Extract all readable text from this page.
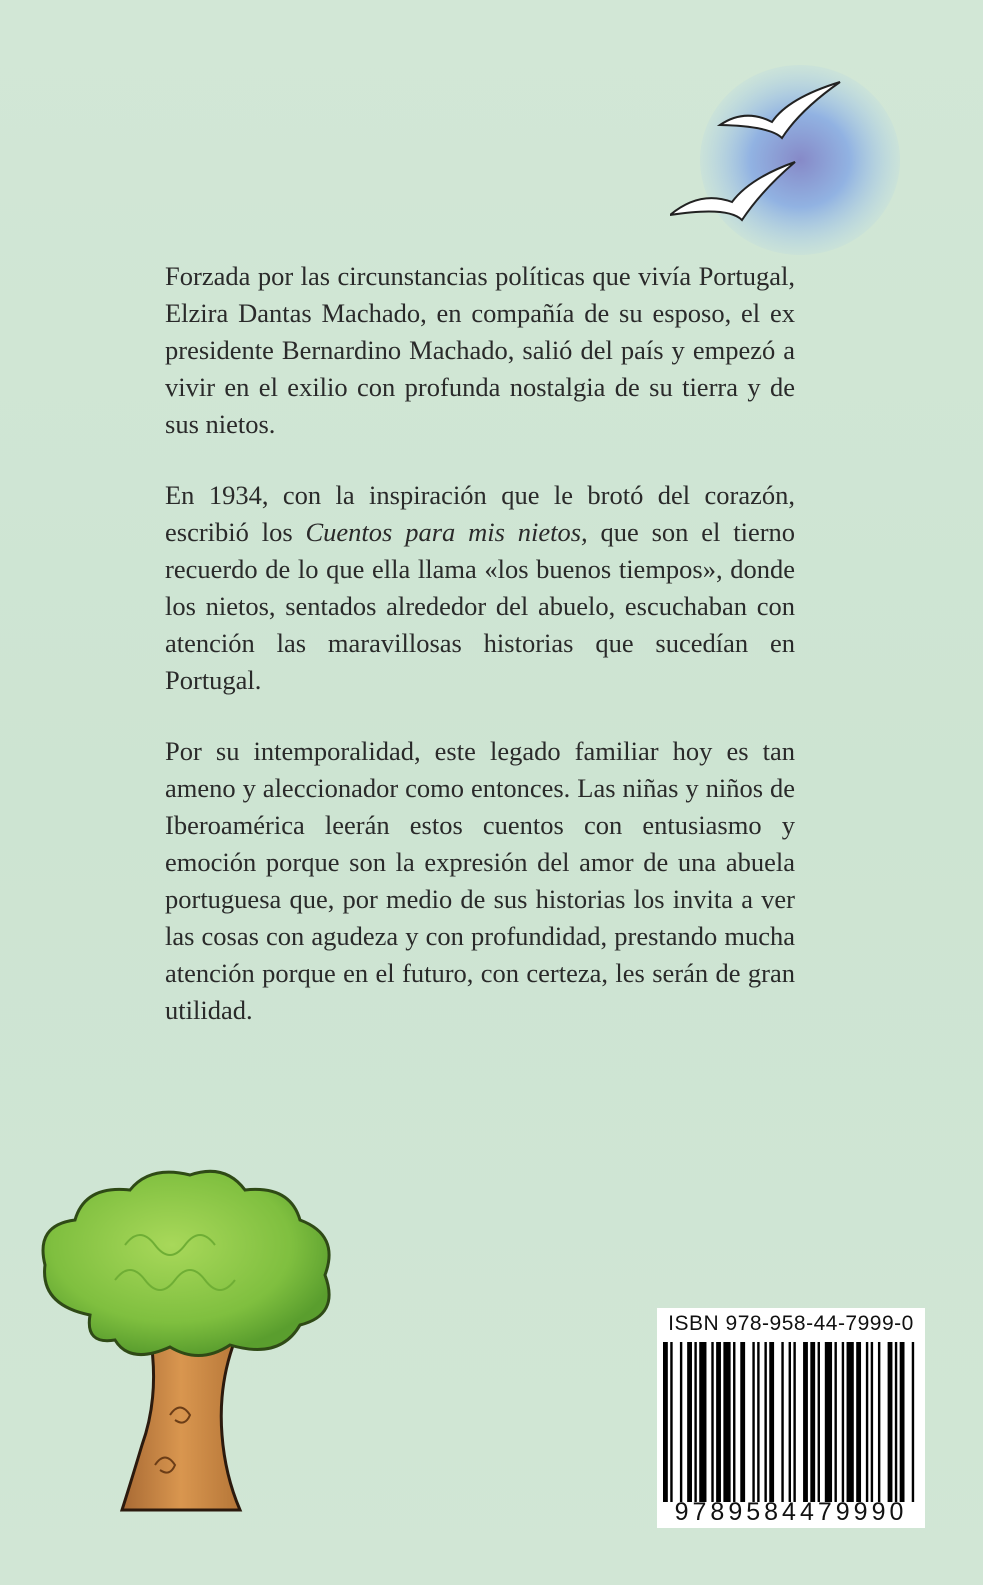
Forzada por las circunstancias políticas que vivía Portugal, Elzira Dantas Machado, en compañía de su esposo, el ex presidente Bernardino Machado, salió del país y empezó a vivir en el exilio con profunda nostalgia de su tierra y de sus nietos.

En 1934, con la inspiración que le brotó del corazón, escribió los Cuentos para mis nietos, que son el tierno recuerdo de lo que ella llama «los buenos tiempos», donde los nietos, sentados alrededor del abuelo, escuchaban con atención las maravillosas historias que sucedían en Portugal.

Por su intemporalidad, este legado familiar hoy es tan ameno y aleccionador como entonces. Las niñas y niños de Iberoamérica leerán estos cuentos con entusiasmo y emoción porque son la expresión del amor de una abuela portuguesa que, por medio de sus historias los invita a ver las cosas con agudeza y con profundidad, prestando mucha atención porque en el futuro, con certeza, les serán de gran utilidad.

ISBN 978-958-44-7999-0
9789584479990
